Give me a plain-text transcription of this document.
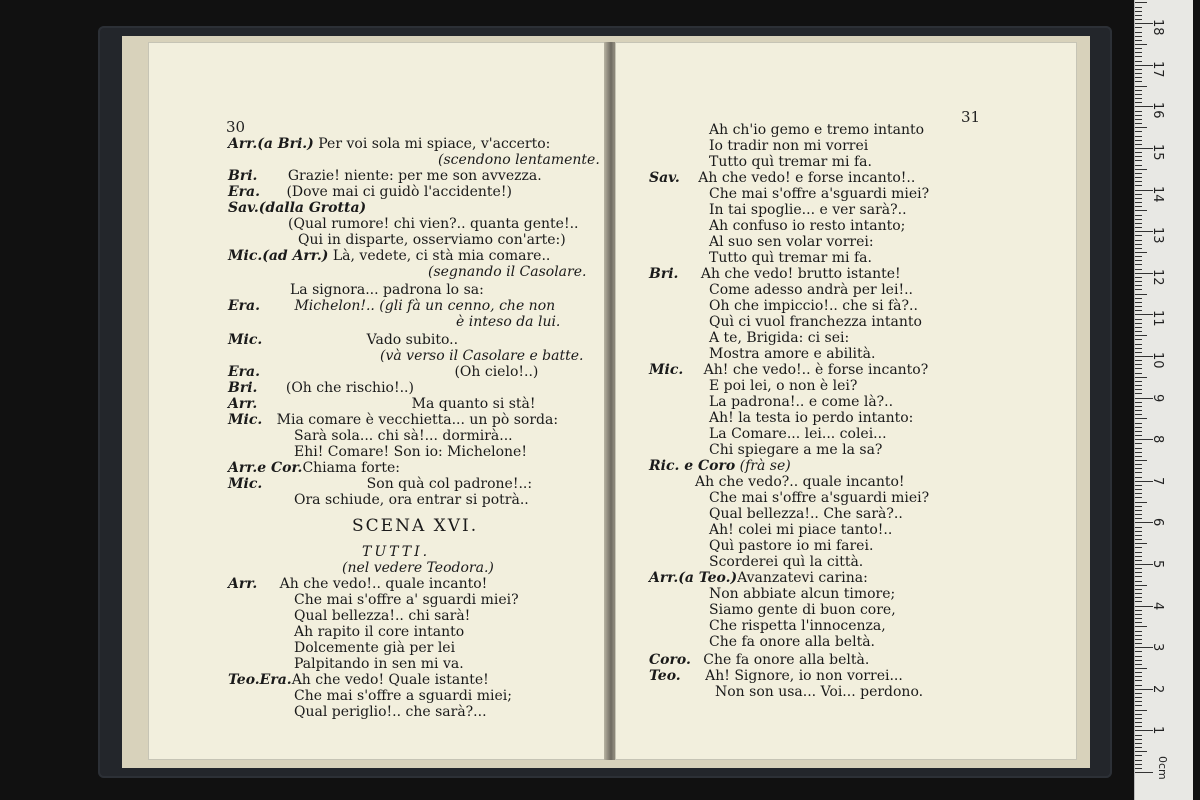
30
Arr.(a Bri.) Per voi sola mi spiace, v'accerto:
(scendono lentamente.
Bri. Grazie! niente: per me son avvezza.
Era. (Dove mai ci guidò l'accidente!)
Sav.(dalla Grotta)
(Qual rumore! chi vien?.. quanta gente!..
Qui in disparte, osserviamo con'arte:)
Mic.(ad Arr.) Là, vedete, ci stà mia comare..
(segnando il Casolare.
La signora... padrona lo sa:
Era. Michelon!.. (gli fà un cenno, che non
è inteso da lui.
Mic.	Vado subito..
(và verso il Casolare e batte.
Era.	(Oh cielo!..)
Bri. (Oh che rischio!..)
Arr.	Ma quanto si stà!
Mic. Mia comare è vecchietta... un pò sorda:
Sarà sola... chi sà!... dormirà...
Ehi! Comare! Son io: Michelone!
Arr.e Cor.Chiama forte:
Mic.	Son quà col padrone!..:
Ora schiude, ora entrar si potrà..
SCENA XVI.
TUTTI.
(nel vedere Teodora.)
Arr. Ah che vedo!.. quale incanto!
Che mai s'offre a' sguardi miei?
Qual bellezza!.. chi sarà!
Ah rapito il core intanto
Dolcemente già per lei
Palpitando in sen mi va.
Teo.Era.Ah che vedo! Quale istante!
Che mai s'offre a sguardi miei;
Qual periglio!.. che sarà?...
31
Ah ch'io gemo e tremo intanto
Io tradir non mi vorrei
Tutto quì tremar mi fa.
Sav. Ah che vedo! e forse incanto!..
Che mai s'offre a'sguardi miei?
In tai spoglie... e ver sarà?..
Ah confuso io resto intanto;
Al suo sen volar vorrei:
Tutto quì tremar mi fa.
Bri. Ah che vedo! brutto istante!
Come adesso andrà per lei!..
Oh che impiccio!.. che si fà?..
Quì ci vuol franchezza intanto
A te, Brigida: ci sei:
Mostra amore e abilità.
Mic. Ah! che vedo!.. è forse incanto?
E poi lei, o non è lei?
La padrona!.. e come là?..
Ah! la testa io perdo intanto:
La Comare... lei... colei...
Chi spiegare a me la sa?
Ric. e Coro (frà se)
Ah che vedo?.. quale incanto!
Che mai s'offre a'sguardi miei?
Qual bellezza!.. Che sarà?..
Ah! colei mi piace tanto!..
Quì pastore io mi farei.
Scorderei quì la città.
Arr.(a Teo.)Avanzatevi carina:
Non abbiate alcun timore;
Siamo gente di buon core,
Che rispetta l'innocenza,
Che fa onore alla beltà.
Coro. Che fa onore alla beltà.
Teo. Ah! Signore, io non vorrei...
Non son usa... Voi... perdono.
1
2
3
4
5
6
7
8
9
10
11
12
13
14
15
16
17
18
0cm
